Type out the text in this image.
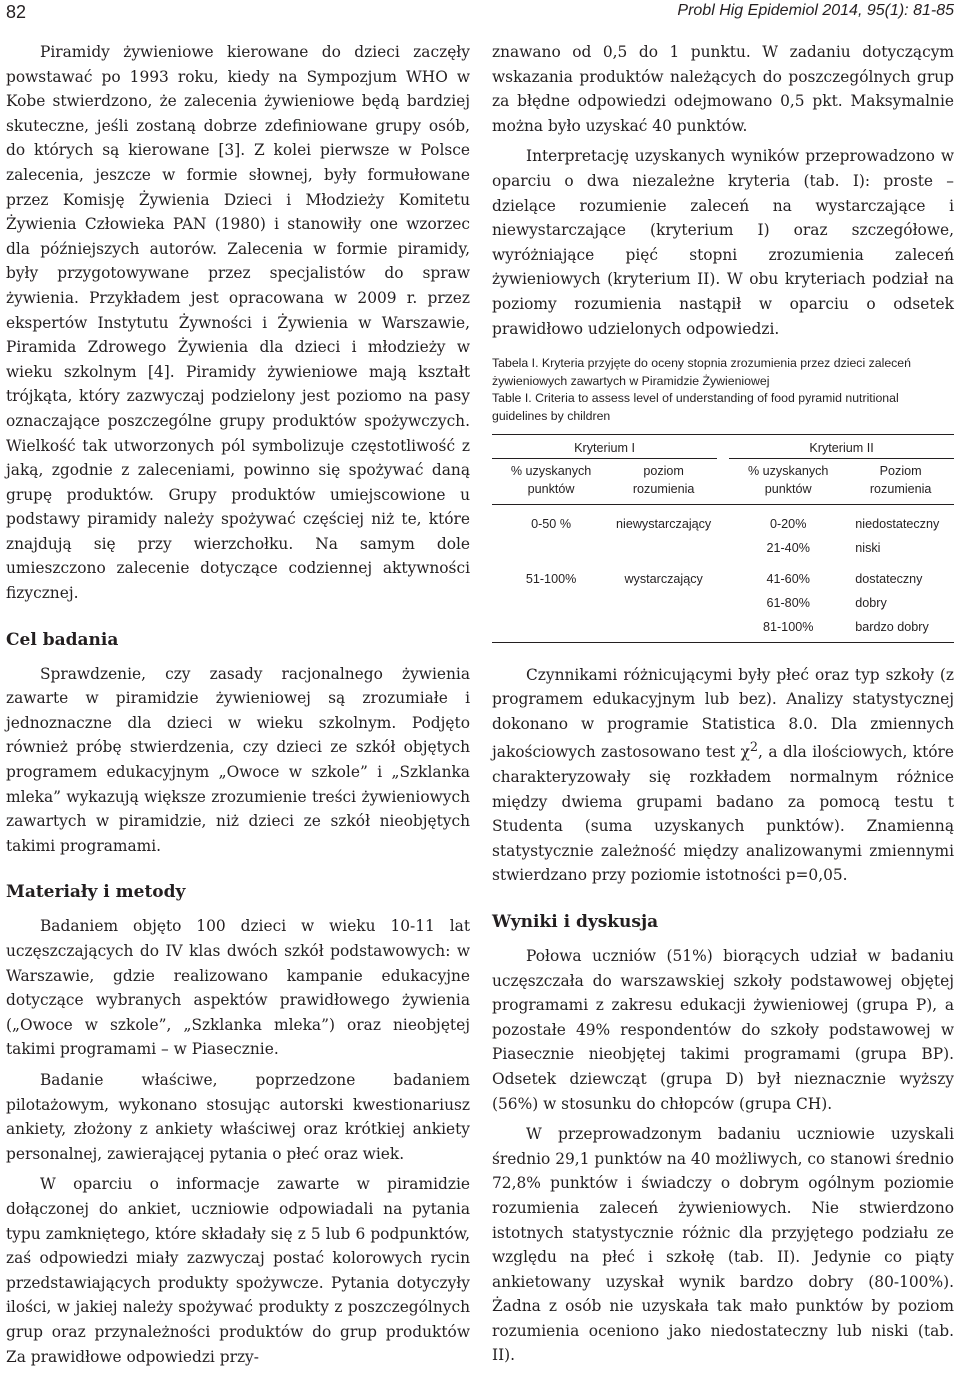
82	Probl Hig Epidemiol 2014, 95(1): 81-85

Piramidy żywieniowe kierowane do dzieci zaczęły powstawać po 1993 roku, kiedy na Sympozjum WHO w Kobe stwierdzono, że zalecenia żywieniowe będą bardziej skuteczne, jeśli zostaną dobrze zdefiniowane grupy osób, do których są kierowane [3]. Z kolei pierwsze w Polsce zalecenia, jeszcze w formie słownej, były formułowane przez Komisję Żywienia Dzieci i Młodzieży Komitetu Żywienia Człowieka PAN (1980) i stanowiły one wzorzec dla późniejszych autorów. Zalecenia w formie piramidy, były przygotowywane przez specjalistów do spraw żywienia. Przykładem jest opracowana w 2009 r. przez ekspertów Instytutu Żywności i Żywienia w Warszawie, Piramida Zdrowego Żywienia dla dzieci i młodzieży w wieku szkolnym [4]. Piramidy żywieniowe mają kształt trójkąta, który zazwyczaj podzielony jest poziomo na pasy oznaczające poszczególne grupy produktów spożywczych. Wielkość tak utworzonych pól symbolizuje częstotliwość z jaką, zgodnie z zaleceniami, powinno się spożywać daną grupę produktów. Grupy produktów umiejscowione u podstawy piramidy należy spożywać częściej niż te, które znajdują się przy wierzchołku. Na samym dole umieszczono zalecenie dotyczące codziennej aktywności fizycznej.

Cel badania

Sprawdzenie, czy zasady racjonalnego żywienia zawarte w piramidzie żywieniowej są zrozumiałe i jednoznaczne dla dzieci w wieku szkolnym. Podjęto również próbę stwierdzenia, czy dzieci ze szkół objętych programem edukacyjnym „Owoce w szkole” i „Szklanka mleka” wykazują większe zrozumienie treści żywieniowych zawartych w piramidzie, niż dzieci ze szkół nieobjętych takimi programami.

Materiały i metody

Badaniem objęto 100 dzieci w wieku 10-11 lat uczęszczających do IV klas dwóch szkół podstawowych: w Warszawie, gdzie realizowano kampanie edukacyjne dotyczące wybranych aspektów prawidłowego żywienia („Owoce w szkole”, „Szklanka mleka”) oraz nieobjętej takimi programami – w Piasecznie.

Badanie właściwe, poprzedzone badaniem pilotażowym, wykonano stosując autorski kwestionariusz ankiety, złożony z ankiety właściwej oraz krótkiej ankiety personalnej, zawierającej pytania o płeć oraz wiek.

W oparciu o informacje zawarte w piramidzie dołączonej do ankiet, uczniowie odpowiadali na pytania typu zamkniętego, które składały się z 5 lub 6 podpunktów, zaś odpowiedzi miały zazwyczaj postać kolorowych rycin przedstawiających produkty spożywcze. Pytania dotyczyły ilości, w jakiej należy spożywać produkty z poszczególnych grup oraz przynależności produktów do grup produktów Za prawidłowe odpowiedzi przy-

znawano od 0,5 do 1 punktu. W zadaniu dotyczącym wskazania produktów należących do poszczególnych grup za błędne odpowiedzi odejmowano 0,5 pkt. Maksymalnie można było uzyskać 40 punktów.

Interpretację uzyskanych wyników przeprowadzono w oparciu o dwa niezależne kryteria (tab. I): proste – dzielące rozumienie zaleceń na wystarczające i niewystarczające (kryterium I) oraz szczegółowe, wyróżniające pięć stopni zrozumienia zaleceń żywieniowych (kryterium II). W obu kryteriach podział na poziomy rozumienia nastąpił w oparciu o odsetek prawidłowo udzielonych odpowiedzi.

Tabela I. Kryteria przyjęte do oceny stopnia zrozumienia przez dzieci zaleceń żywieniowych zawartych w Piramidzie Żywieniowej
Table I. Criteria to assess level of understanding of food pyramid nutritional guidelines by children
Kryterium I			Kryterium II	
% uzyskanych punktów	poziom rozumienia		% uzyskanych punktów	Poziom rozumienia
0-50 %	niewystarczający		0-20%	niedostateczny
			21-40%	niski
51-100%	wystarczający		41-60%	dostateczny
			61-80%	dobry
			81-100%	bardzo dobry

Czynnikami różnicującymi były płeć oraz typ szkoły (z programem edukacyjnym lub bez). Analizy statystycznej dokonano w programie Statistica 8.0. Dla zmiennych jakościowych zastosowano test $\chi^2$, a dla ilościowych, które charakteryzowały się rozkładem normalnym różnice między dwiema grupami badano za pomocą testu t Studenta (suma uzyskanych punktów). Znamienną statystycznie zależność między analizowanymi zmiennymi stwierdzano przy poziomie istotności p=0,05.

Wyniki i dyskusja

Połowa uczniów (51%) biorących udział w badaniu uczęszczała do warszawskiej szkoły podstawowej objętej programami z zakresu edukacji żywieniowej (grupa P), a pozostałe 49% respondentów do szkoły podstawowej w Piasecznie nieobjętej takimi programami (grupa BP). Odsetek dziewcząt (grupa D) był nieznacznie wyższy (56%) w stosunku do chłopców (grupa CH).

W przeprowadzonym badaniu uczniowie uzyskali średnio 29,1 punktów na 40 możliwych, co stanowi średnio 72,8% punktów i świadczy o dobrym ogólnym poziomie rozumienia zaleceń żywieniowych. Nie stwierdzono istotnych statystycznie różnic dla przyjętego podziału ze względu na płeć i szkołę (tab. II). Jedynie co piąty ankietowany uzyskał wynik bardzo dobry (80-100%). Żadna z osób nie uzyskała tak mało punktów by poziom rozumienia oceniono jako niedostateczny lub niski (tab. II).
